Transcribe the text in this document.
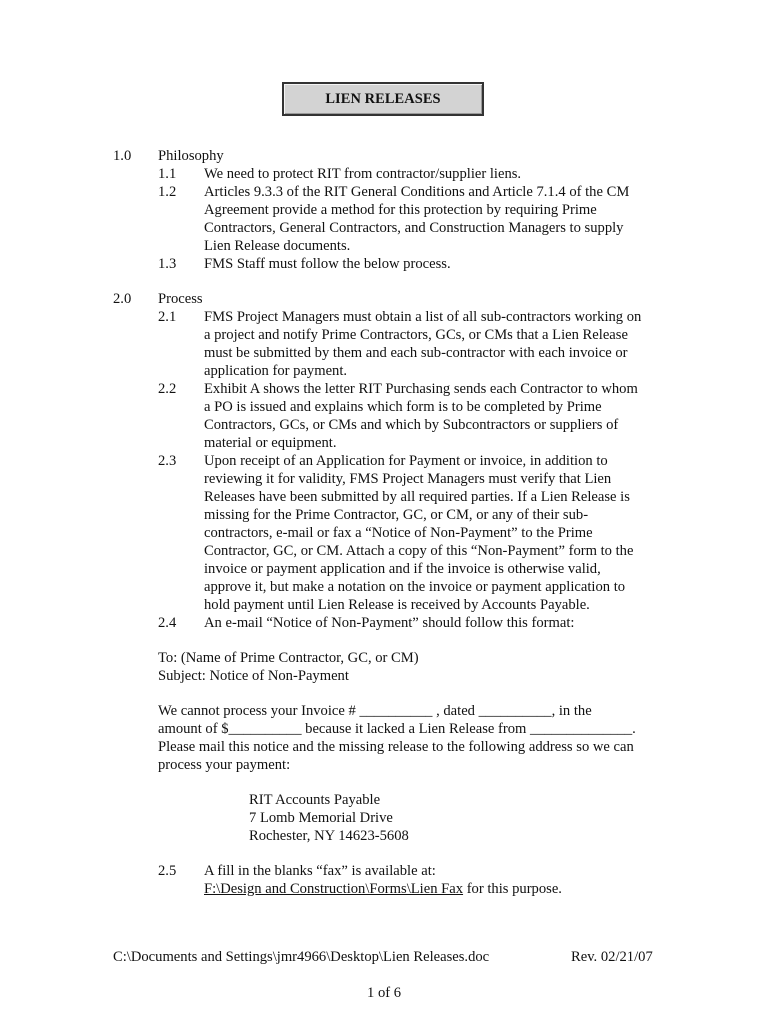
LIEN RELEASES
1.0 Philosophy
1.1 We need to protect RIT from contractor/supplier liens.
1.2 Articles 9.3.3 of the RIT General Conditions and Article 7.1.4 of the CM
Agreement provide a method for this protection by requiring Prime
Contractors, General Contractors, and Construction Managers to supply
Lien Release documents.
1.3 FMS Staff must follow the below process.
2.0 Process
2.1 FMS Project Managers must obtain a list of all sub-contractors working on
a project and notify Prime Contractors, GCs, or CMs that a Lien Release
must be submitted by them and each sub-contractor with each invoice or
application for payment.
2.2 Exhibit A shows the letter RIT Purchasing sends each Contractor to whom
a PO is issued and explains which form is to be completed by Prime
Contractors, GCs, or CMs and which by Subcontractors or suppliers of
material or equipment.
2.3 Upon receipt of an Application for Payment or invoice, in addition to
reviewing it for validity, FMS Project Managers must verify that Lien
Releases have been submitted by all required parties. If a Lien Release is
missing for the Prime Contractor, GC, or CM, or any of their sub-
contractors, e-mail or fax a “Notice of Non-Payment” to the Prime
Contractor, GC, or CM. Attach a copy of this “Non-Payment” form to the
invoice or payment application and if the invoice is otherwise valid,
approve it, but make a notation on the invoice or payment application to
hold payment until Lien Release is received by Accounts Payable.
2.4 An e-mail “Notice of Non-Payment” should follow this format:
To: (Name of Prime Contractor, GC, or CM)
Subject: Notice of Non-Payment
We cannot process your Invoice # __________ , dated __________, in the
amount of $__________ because it lacked a Lien Release from ______________.
Please mail this notice and the missing release to the following address so we can
process your payment:
RIT Accounts Payable
7 Lomb Memorial Drive
Rochester, NY 14623-5608
2.5 A fill in the blanks “fax” is available at:
F:\Design and Construction\Forms\Lien Fax for this purpose.
C:\Documents and Settings\jmr4966\Desktop\Lien Releases.doc	Rev. 02/21/07
1 of 6
